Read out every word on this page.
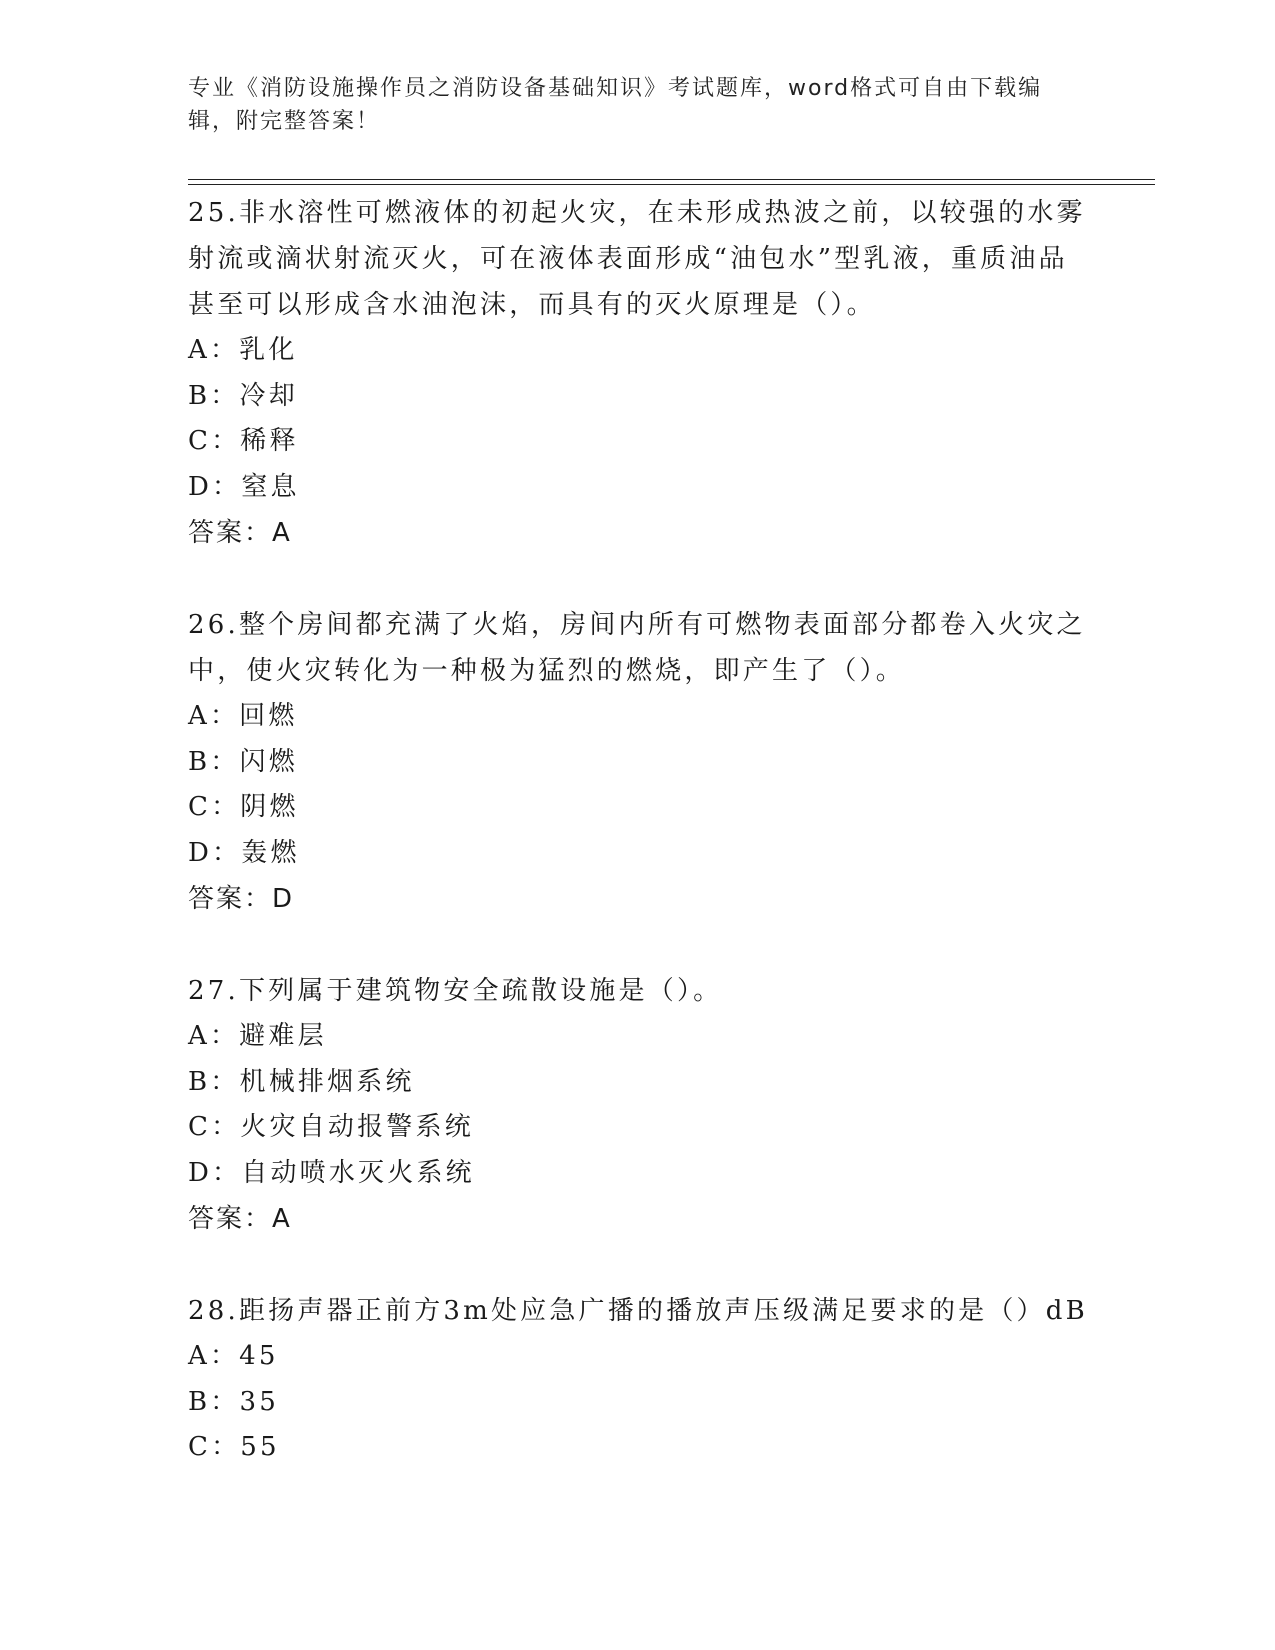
专业《消防设施操作员之消防设备基础知识》考试题库，word格式可自由下载编辑，附完整答案！

25.非水溶性可燃液体的初起火灾，在未形成热波之前，以较强的水雾射流或滴状射流灭火，可在液体表面形成“油包水”型乳液，重质油品甚至可以形成含水油泡沫，而具有的灭火原理是（）。

A：乳化

B：冷却

C：稀释

D：窒息

答案：A

26.整个房间都充满了火焰，房间内所有可燃物表面部分都卷入火灾之中，使火灾转化为一种极为猛烈的燃烧，即产生了（）。

A：回燃

B：闪燃

C：阴燃

D：轰燃

答案：D

27.下列属于建筑物安全疏散设施是（）。

A：避难层

B：机械排烟系统

C：火灾自动报警系统

D：自动喷水灭火系统

答案：A

28.距扬声器正前方3m处应急广播的播放声压级满足要求的是（）dB

A：45

B：35

C：55
